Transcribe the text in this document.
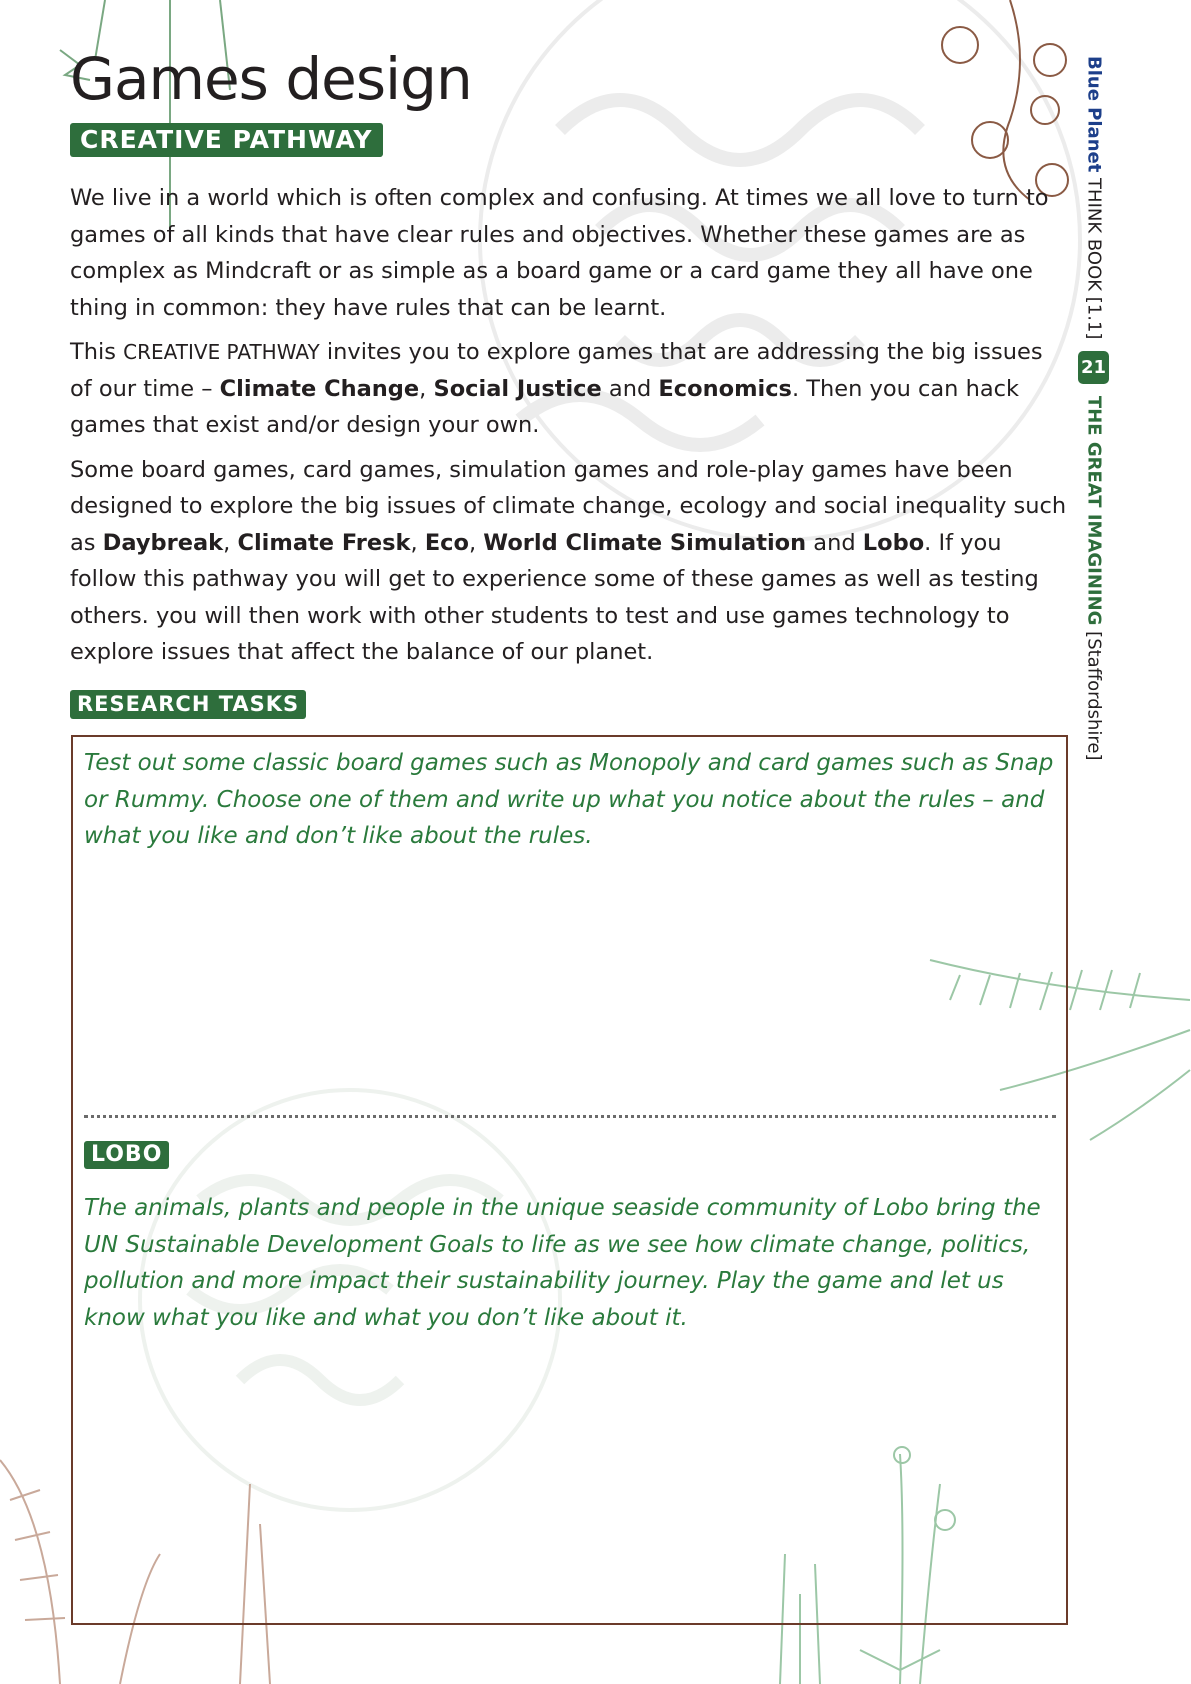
Games design
CREATIVE PATHWAY

We live in a world which is often complex and confusing. At times we all love to turn to games of all kinds that have clear rules and objectives. Whether these games are as complex as Mindcraft or as simple as a board game or a card game they all have one thing in common: they have rules that can be learnt.

This CREATIVE PATHWAY invites you to explore games that are addressing the big issues of our time – Climate Change, Social Justice and Economics. Then you can hack games that exist and/or design your own.

Some board games, card games, simulation games and role-play games have been designed to explore the big issues of climate change, ecology and social inequality such as Daybreak, Climate Fresk, Eco, World Climate Simulation and Lobo. If you follow this pathway you will get to experience some of these games as well as testing others. you will then work with other students to test and use games technology to explore issues that affect the balance of our planet.

RESEARCH TASKS

Test out some classic board games such as Monopoly and card games such as Snap or Rummy. Choose one of them and write up what you notice about the rules – and what you like and don’t like about the rules.

LOBO

The animals, plants and people in the unique seaside community of Lobo bring the UN Sustainable Development Goals to life as we see how climate change, politics, pollution and more impact their sustainability journey. Play the game and let us know what you like and what you don’t like about it.

Blue Planet THINK BOOK [1.1] 21 THE GREAT IMAGINING [Staffordshire]
